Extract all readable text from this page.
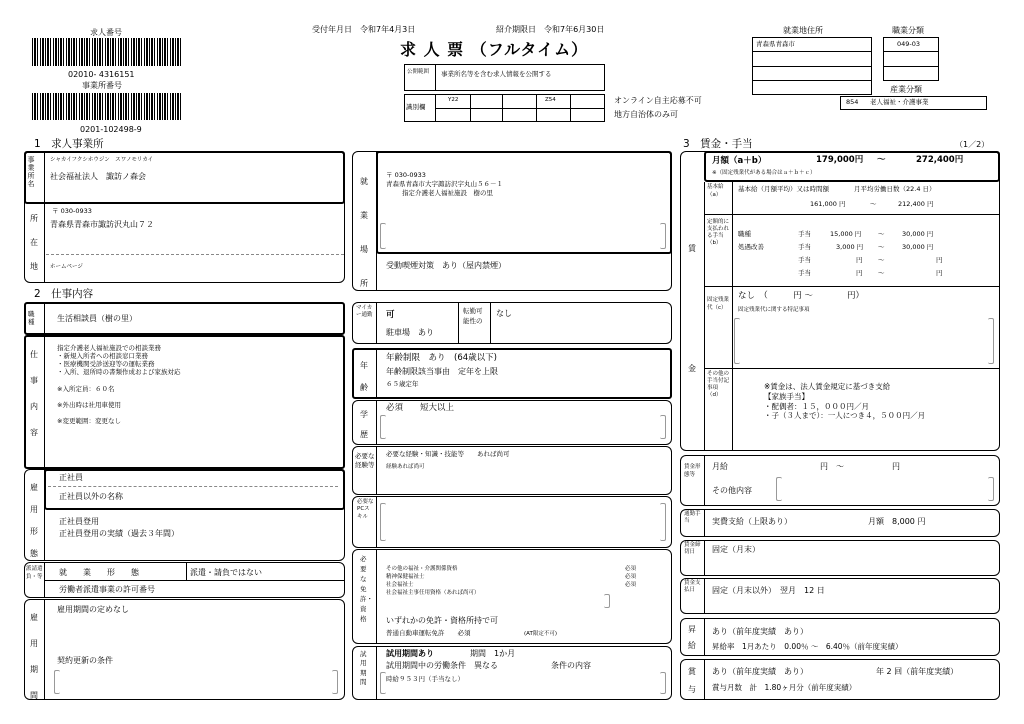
求人番号
02010- 4316151
事業所番号
0201-102498-9
受付年月日　令和7年4月3日	紹介期限日　令和7年6月30日
求 人 票 （フルタイム）
公開範囲	事業所名等を含む求人情報を公開する
識別欄
Y22	Z54	オンライン自主応募不可
地方自治体のみ可
就業地住所
青森県青森市
職業分類
049-03
産業分類
854 老人福祉・介護事業
1　求人事業所
事業所名	シャカイフクシホウジン　スワノモリカイ
社会福祉法人　諏訪ノ森会
所
在
地
〒 030-0933
青森県青森市諏訪沢丸山７２
ホームページ
2　仕事内容
職種	生活相談員（樹の里）
仕事内容
指定介護老人福祉施設での相談業務
・新規入所者への相談窓口業務
・医療機関受診送迎等の運転業務
・入所、退所時の書類作成および家族対応
※入所定員：６０名
※外出時は社用車使用
※変更範囲：変更なし
雇用形態
正社員
正社員以外の名称
正社員登用
正社員登用の実績（過去３年間）
派請遣負・等 就　　業　　形　　態	派遣・請負ではない
労働者派遣事業の許可番号
雇用期間
雇用期間の定めなし
契約更新の条件
就業場所
〒 030-0933
青森県青森市大字諏訪沢字丸山５６－１
指定介護老人福祉施設　樹の里
受動喫煙対策　あり（屋内禁煙）
マイカー通勤	可
駐車場　あり
転勤可能性の
なし
年齢
年齢制限　あり　(64歳以下)
年齢制限該当事由　定年を上限
６５歳定年
学歴
必須　　短大以上
必要な経験等
必要な経験・知識・技能等　　あれば尚可
経験あれば尚可
必要なPCスキル
必要な免許・資格
その他の福祉・介護関係資格	必須
精神保健福祉士	必須
社会福祉士	必須
社会福祉主事任用資格（あれば尚可）
いずれかの免許・資格所持で可
普通自動車運転免許　　必須	(AT限定不可)
試用期間
試用期間あり	期間　1か月
試用期間中の労働条件　異なる	条件の内容
時給９５３円（手当なし）
3　賃金・手当	（1／2）
賃
金
月額（a＋b）	179,000円 〜	272,400円
※（固定残業代がある場合はａ＋ｂ＋ｃ）
基本給（a）
基本給（月額平均）又は時間額	月平均労働日数（22.4 日）
161,000 円	〜	212,400 円
定額的に支払われる手当（b）
職種	手当	15,000 円	〜	30,000 円
処遇改善	手当	3,000 円 〜	30,000 円
手当	円 〜	円
手当	円 〜	円
固定残業代（c）
なし　（　　　円 〜　　　　円）
固定残業代に関する特記事項
その他の手当付記事項（d）
※賃金は、法人賃金規定に基づき支給
【家族手当】
・配偶者：１５，０００円／月
・子（３人まで）：一人につき４，５００円／月
賃金形態等
月給	円　〜　　　　　　円
その他内容
通勤手当	実費支給（上限あり）	月額　8,000 円
賃金締切日	固定（月末）
賃金支払日	固定（月末以外）　翌月　12 日
昇給
あり（前年度実績　あり）
昇給率　1月あたり　0.00％ 〜　6.40％（前年度実績）
賞与
あり（前年度実績　あり）	年 2 回（前年度実績）
賞与月数　計　1.80ヶ月分（前年度実績）
